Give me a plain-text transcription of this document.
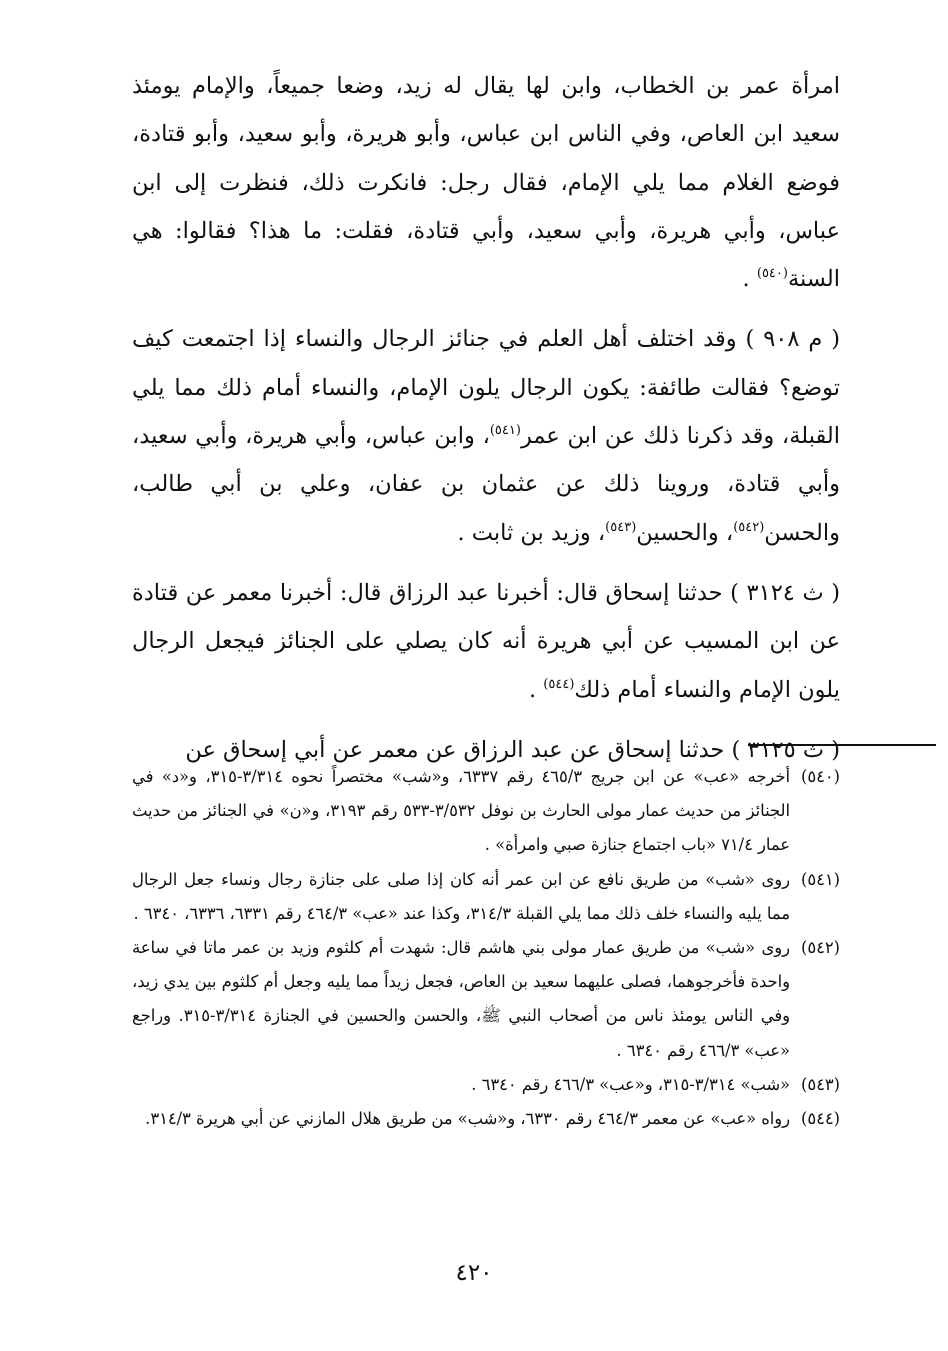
امرأة عمر بن الخطاب، وابن لها يقال له زيد، وضعا جميعاً، والإمام يومئذ سعيد ابن العاص، وفي الناس ابن عباس، وأبو هريرة، وأبو سعيد، وأبو قتادة، فوضع الغلام مما يلي الإمام، فقال رجل: فانكرت ذلك، فنظرت إلى ابن عباس، وأبي هريرة، وأبي سعيد، وأبي قتادة، فقلت: ما هذا؟ فقالوا: هي السنة$^{(٥٤٠)}$ .

( م ٩٠٨ ) وقد اختلف أهل العلم في جنائز الرجال والنساء إذا اجتمعت كيف توضع؟ فقالت طائفة: يكون الرجال يلون الإمام، والنساء أمام ذلك مما يلي القبلة، وقد ذكرنا ذلك عن ابن عمر$^{(٥٤١)}$، وابن عباس، وأبي هريرة، وأبي سعيد، وأبي قتادة، وروينا ذلك عن عثمان بن عفان، وعلي بن أبي طالب، والحسن$^{(٥٤٢)}$، والحسين$^{(٥٤٣)}$، وزيد بن ثابت .

( ث ٣١٢٤ ) حدثنا إسحاق قال: أخبرنا عبد الرزاق قال: أخبرنا معمر عن قتادة عن ابن المسيب عن أبي هريرة أنه كان يصلي على الجنائز فيجعل الرجال يلون الإمام والنساء أمام ذلك$^{(٥٤٤)}$ .

( ث ٣١٢٥ ) حدثنا إسحاق عن عبد الرزاق عن معمر عن أبي إسحاق عن

(٥٤٠)
أخرجه «عب» عن ابن جريج ٤٦٥/٣ رقم ٦٣٣٧، و«شب» مختصراً نحوه ٣/٣١٤-٣١٥، و«د» في الجنائز من حديث عمار مولى الحارث بن نوفل ٣/٥٣٢-٥٣٣ رقم ٣١٩٣، و«ن» في الجنائز من حديث عمار ٧١/٤ «باب اجتماع جنازة صبي وامرأة» .

(٥٤١)
روى «شب» من طريق نافع عن ابن عمر أنه كان إذا صلى على جنازة رجال ونساء جعل الرجال مما يليه والنساء خلف ذلك مما يلي القبلة ٣١٤/٣، وكذا عند «عب» ٤٦٤/٣ رقم ٦٣٣١، ٦٣٣٦، ٦٣٤٠ .

(٥٤٢)
روى «شب» من طريق عمار مولى بني هاشم قال: شهدت أم كلثوم وزيد بن عمر ماتا في ساعة واحدة فأخرجوهما، فصلى عليهما سعيد بن العاص، فجعل زيداً مما يليه وجعل أم كلثوم بين يدي زيد، وفي الناس يومئذ ناس من أصحاب النبي ﷺ، والحسن والحسين في الجنازة ٣/٣١٤-٣١٥. وراجع «عب» ٤٦٦/٣ رقم ٦٣٤٠ .

(٥٤٣)
«شب» ٣/٣١٤-٣١٥، و«عب» ٤٦٦/٣ رقم ٦٣٤٠ .

(٥٤٤)
رواه «عب» عن معمر ٤٦٤/٣ رقم ٦٣٣٠، و«شب» من طريق هلال المازني عن أبي هريرة ٣١٤/٣.

٤٢٠
